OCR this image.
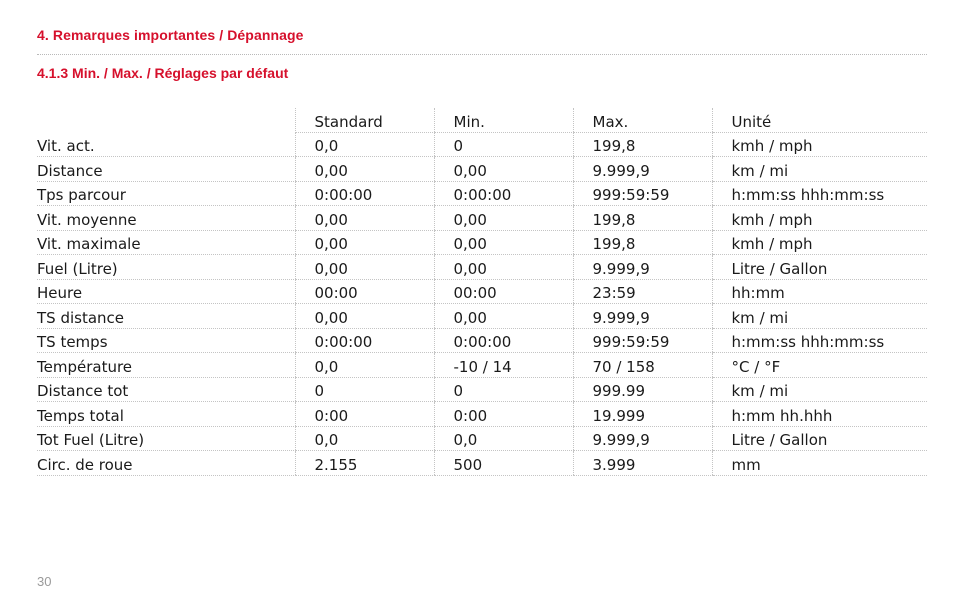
4. Remarques importantes / Dépannage
4.1.3 Min. / Max. / Réglages par défaut
	Standard	Min.	Max.	Unité
Vit. act.	0,0	0	199,8	kmh / mph
Distance	0,00	0,00	9.999,9	km / mi
Tps parcour	0:00:00	0:00:00	999:59:59	h:mm:ss hhh:mm:ss
Vit. moyenne	0,00	0,00	199,8	kmh / mph
Vit. maximale	0,00	0,00	199,8	kmh / mph
Fuel (Litre)	0,00	0,00	9.999,9	Litre / Gallon
Heure	00:00	00:00	23:59	hh:mm
TS distance	0,00	0,00	9.999,9	km / mi
TS temps	0:00:00	0:00:00	999:59:59	h:mm:ss hhh:mm:ss
Température	0,0	-10 / 14	70 / 158	°C / °F
Distance tot	0	0	999.99	km / mi
Temps total	0:00	0:00	19.999	h:mm hh.hhh
Tot Fuel (Litre)	0,0	0,0	9.999,9	Litre / Gallon
Circ. de roue	2.155	500	3.999	mm
30
